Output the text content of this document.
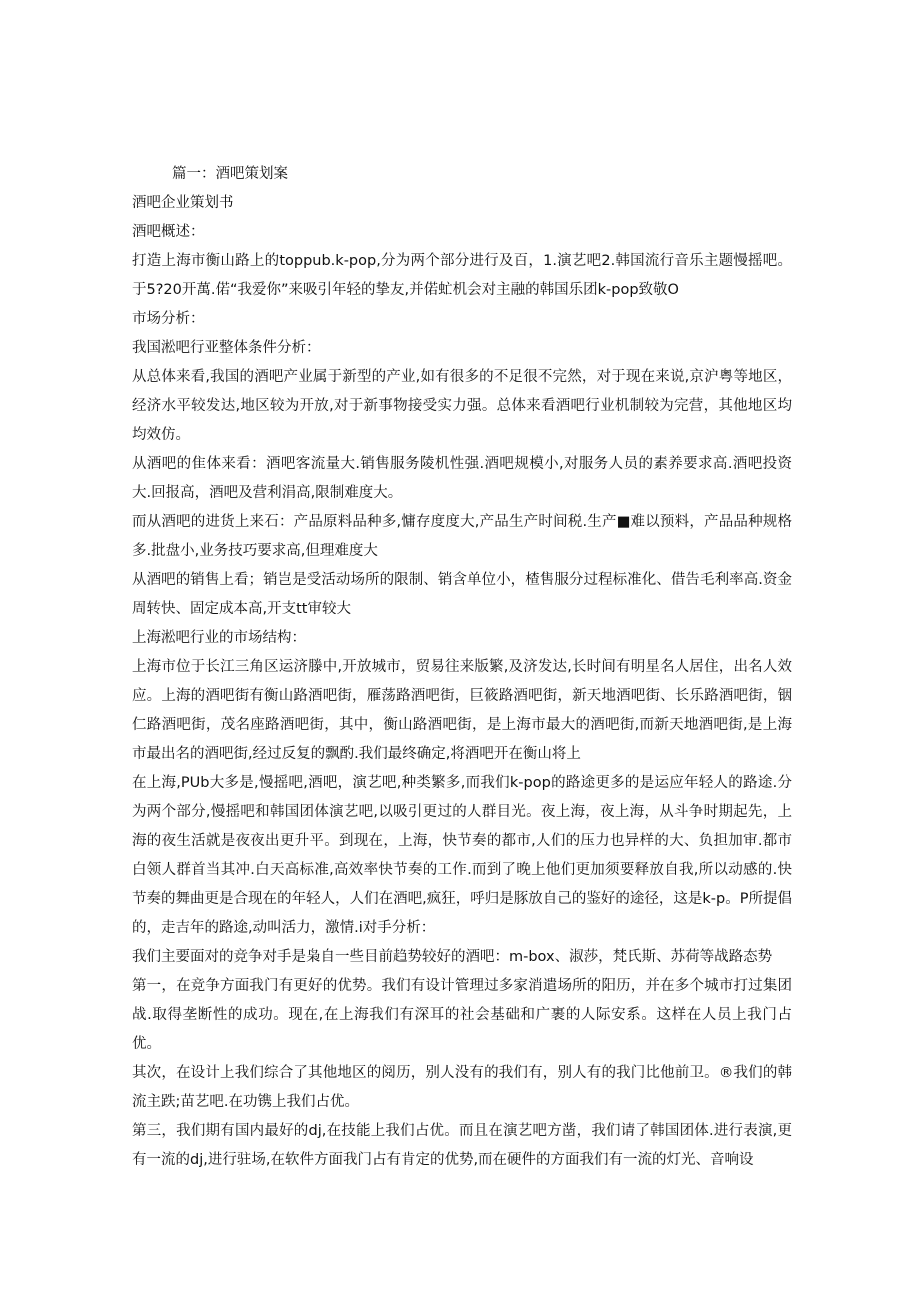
篇一：酒吧策划案

酒吧企业策划书

酒吧概述：

打造上海市衡山路上的toppub.k-pop,分为两个部分进行及百，1.演艺吧2.韩国流行音乐主题慢摇吧。于5?20开萬.偌“我爱你”来吸引年轻的挚友,并偌虻机会对主融的韩国乐团k-pop致敬O

市场分析：

我国淞吧行亚整体条件分析：

从总体来看,我国的酒吧产业属于新型的产业,如有很多的不足很不完然，对于现在来说,京沪粤等地区，经济水平较发达,地区较为开放,对于新事物接受实力强。总体来看酒吧行业机制较为完营，其他地区均均效仿。

从酒吧的隹体来看：酒吧客流量大.销售服务陵机性强.酒吧规模小,对服务人员的素养要求高.酒吧投资大.回报高，酒吧及营利涓高,限制难度大。

而从酒吧的进货上来石：产品原料品种多,慵存度度大,产品生产时间税.生产■难以预料，产品品种规格多.批盘小,业务技巧要求高,但理难度大

从酒吧的销售上看；销岂是受活动场所的限制、销含单位小，楂售服分过程标准化、借告毛利率高.资金周转快、固定成本高,开支tt审较大

上海淞吧行业的市场结构：

上海市位于长江三角区运济滕中,开放城市，贸易往来版繁,及济发达,长时间有明星名人居住，出名人效应。上海的酒吧街有衡山路酒吧街，雁荡路酒吧街，巨筱路酒吧街，新天地酒吧街、长乐路酒吧街，铟仁路酒吧街，茂名座路酒吧街，其中，衡山路酒吧街，是上海市最大的酒吧街,而新天地酒吧街,是上海市最出名的酒吧街,经过反复的飘酌.我们最终确定,将酒吧开在衡山将上

在上海,PUb大多是,慢摇吧,酒吧，演艺吧,种类繁多,而我们k-pop的路途更多的是运应年轻人的路途.分为两个部分,慢摇吧和韩国团体演艺吧,以吸引更过的人群目光。夜上海，夜上海，从斗争时期起先，上海的夜生活就是夜夜出更升平。到现在，上海，快节奏的都市,人们的压力也异样的大、负担加审.都市白领人群首当其冲.白天高标准,高效率快节奏的工作.而到了晚上他们更加须要释放自我,所以动感的.快节奏的舞曲更是合现在的年轻人，人们在酒吧,疯狂，呼归是豚放自己的鉴好的途径，这是k-p。P所提倡的，走吉年的路途,动叫活力，激情.i对手分析：

我们主要面对的竞争对手是枭自一些目前趋势较好的酒吧：m-box、淑莎，梵氏斯、苏荷等战路态势

第一，在竞争方面我门有更好的优势。我们有设计管理过多家消遣场所的阳历，并在多个城市打过集团战.取得垄断性的成功。现在,在上海我们有深耳的社会基础和广裹的人际安系。这样在人员上我门占优。

其次，在设计上我们综合了其他地区的阅历，别人没有的我们有，别人有的我门比他前卫。®我们的韩流主跌;苗艺吧.在功镌上我们占优。

第三，我们期有国内最好的dj,在技能上我们占优。而且在演艺吧方凿，我们请了韩国团体.进行表演,更有一流的dj,进行驻场,在软件方面我门占有肯定的优势,而在硬件的方面我们有一流的灯光、音响设
